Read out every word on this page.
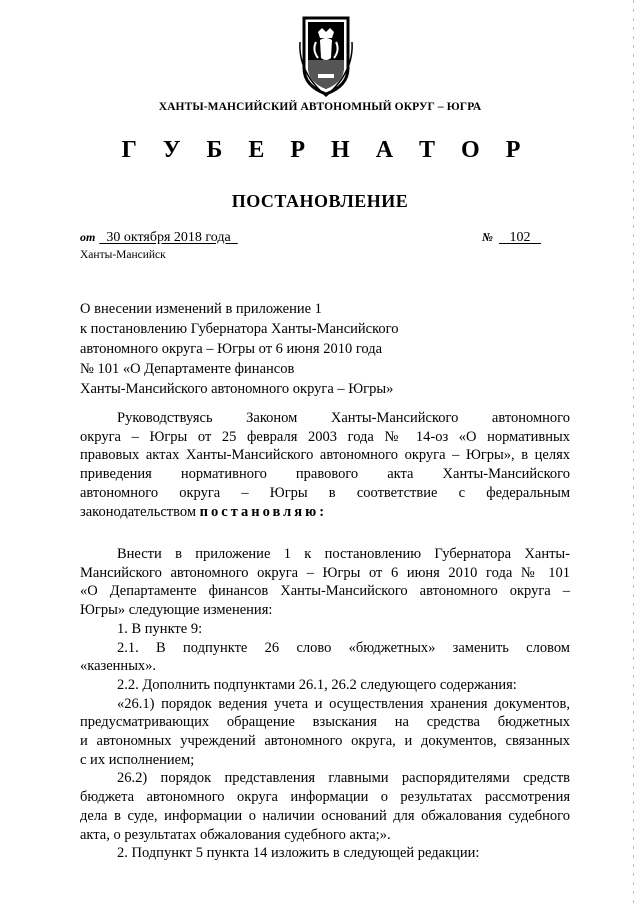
ХАНТЫ-МАНСИЙСКИЙ АВТОНОМНЫЙ ОКРУГ – ЮГРА
Г У Б Е Р Н А Т О Р
ПОСТАНОВЛЕНИЕ
от 30 октября 2018 года	№ 102
Ханты-Мансийск
О внесении изменений в приложение 1
к постановлению Губернатора Ханты-Мансийского
автономного округа – Югры от 6 июня 2010 года
№ 101 «О Департаменте финансов
Ханты-Мансийского автономного округа – Югры»
Руководствуясь Законом Ханты-Мансийского автономного
округа – Югры от 25 февраля 2003 года № 14-оз «О нормативных
правовых актах Ханты-Мансийского автономного округа – Югры», в целях
приведения нормативного правового акта Ханты-Мансийского
автономного округа – Югры в соответствие с федеральным
законодательством постановляю:
Внести в приложение 1 к постановлению Губернатора Ханты-
Мансийского автономного округа – Югры от 6 июня 2010 года № 101
«О Департаменте финансов Ханты-Мансийского автономного округа –
Югры» следующие изменения:
1. В пункте 9:
2.1. В подпункте 26 слово «бюджетных» заменить словом
«казенных».
2.2. Дополнить подпунктами 26.1, 26.2 следующего содержания:
«26.1) порядок ведения учета и осуществления хранения документов,
предусматривающих обращение взыскания на средства бюджетных
и автономных учреждений автономного округа, и документов, связанных
с их исполнением;
26.2) порядок представления главными распорядителями средств
бюджета автономного округа информации о результатах рассмотрения
дела в суде, информации о наличии оснований для обжалования судебного
акта, о результатах обжалования судебного акта;».
2. Подпункт 5 пункта 14 изложить в следующей редакции:
